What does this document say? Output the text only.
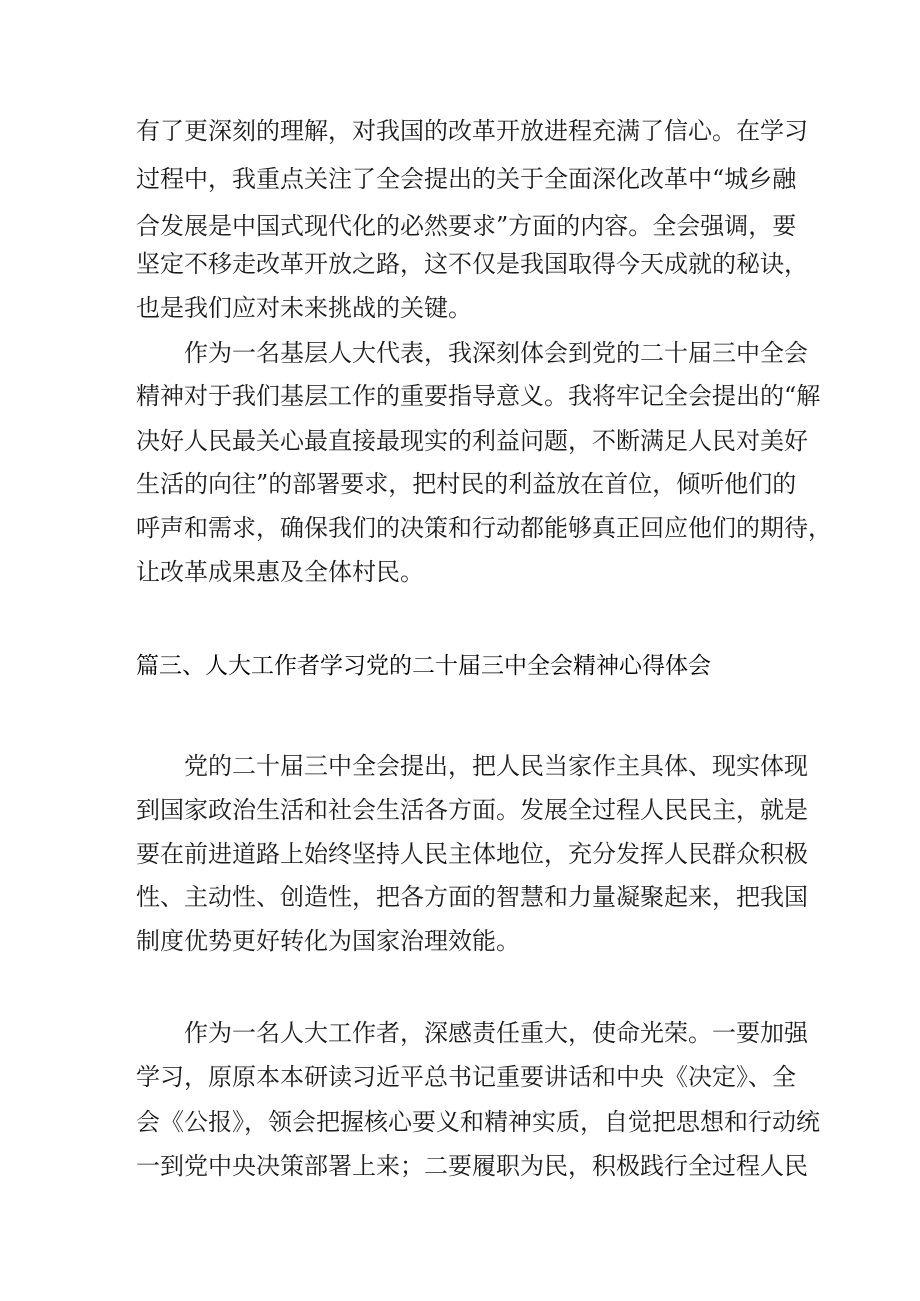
有了更深刻的理解，对我国的改革开放进程充满了信心。在学习

过程中，我重点关注了全会提出的关于全面深化改革中“城乡融

合发展是中国式现代化的必然要求”方面的内容。全会强调，要

坚定不移走改革开放之路，这不仅是我国取得今天成就的秘诀，

也是我们应对未来挑战的关键。

作为一名基层人大代表，我深刻体会到党的二十届三中全会

精神对于我们基层工作的重要指导意义。我将牢记全会提出的“解

决好人民最关心最直接最现实的利益问题，不断满足人民对美好

生活的向往”的部署要求，把村民的利益放在首位，倾听他们的

呼声和需求，确保我们的决策和行动都能够真正回应他们的期待，

让改革成果惠及全体村民。

篇三、人大工作者学习党的二十届三中全会精神心得体会

党的二十届三中全会提出，把人民当家作主具体、现实体现

到国家政治生活和社会生活各方面。发展全过程人民民主，就是

要在前进道路上始终坚持人民主体地位，充分发挥人民群众积极

性、主动性、创造性，把各方面的智慧和力量凝聚起来，把我国

制度优势更好转化为国家治理效能。

作为一名人大工作者，深感责任重大，使命光荣。一要加强

学习，原原本本研读习近平总书记重要讲话和中央《决定》、全

会《公报》，领会把握核心要义和精神实质，自觉把思想和行动统

一到党中央决策部署上来；二要履职为民，积极践行全过程人民
